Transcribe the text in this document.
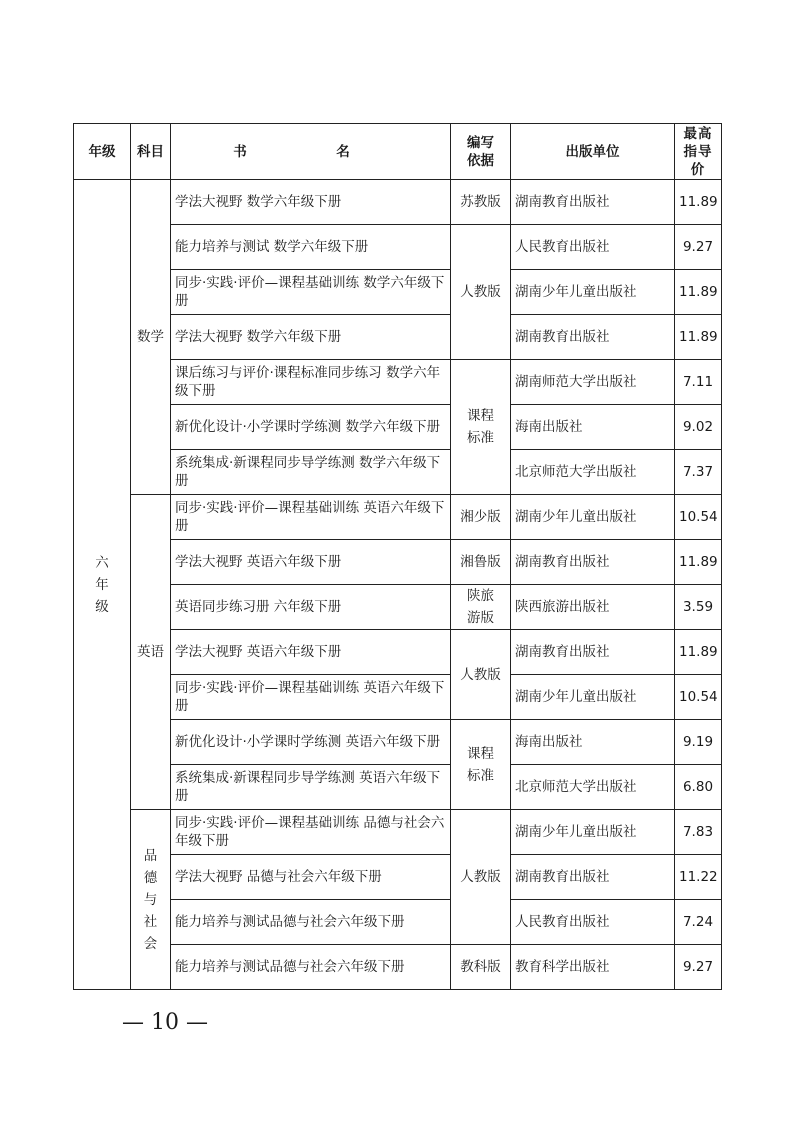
年级	科目	书　名	编写依据	出版单位	最高指导价

六年级	数学	学法大视野 数学六年级下册	苏教版	湖南教育出版社	11.89
		能力培养与测试 数学六年级下册	人教版	人民教育出版社	9.27
		同步·实践·评价—课程基础训练 数学六年级下册		湖南少年儿童出版社	11.89
		学法大视野 数学六年级下册		湖南教育出版社	11.89
		课后练习与评价·课程标准同步练习 数学六年级下册	课程标准	湖南师范大学出版社	7.11
		新优化设计·小学课时学练测 数学六年级下册		海南出版社	9.02
		系统集成·新课程同步导学练测 数学六年级下册		北京师范大学出版社	7.37
	英语	同步·实践·评价—课程基础训练 英语六年级下册	湘少版	湖南少年儿童出版社	10.54
		学法大视野 英语六年级下册	湘鲁版	湖南教育出版社	11.89
		英语同步练习册 六年级下册	陕旅游版	陕西旅游出版社	3.59
		学法大视野 英语六年级下册	人教版	湖南教育出版社	11.89
		同步·实践·评价—课程基础训练 英语六年级下册		湖南少年儿童出版社	10.54
		新优化设计·小学课时学练测 英语六年级下册	课程标准	海南出版社	9.19
		系统集成·新课程同步导学练测 英语六年级下册		北京师范大学出版社	6.80

	品德与社会	同步·实践·评价—课程基础训练 品德与社会六年级下册	人教版	湖南少年儿童出版社	7.83
		学法大视野 品德与社会六年级下册		湖南教育出版社	11.22
		能力培养与测试品德与社会六年级下册		人民教育出版社	7.24
		能力培养与测试品德与社会六年级下册	教科版	教育科学出版社	9.27
— 10 —
